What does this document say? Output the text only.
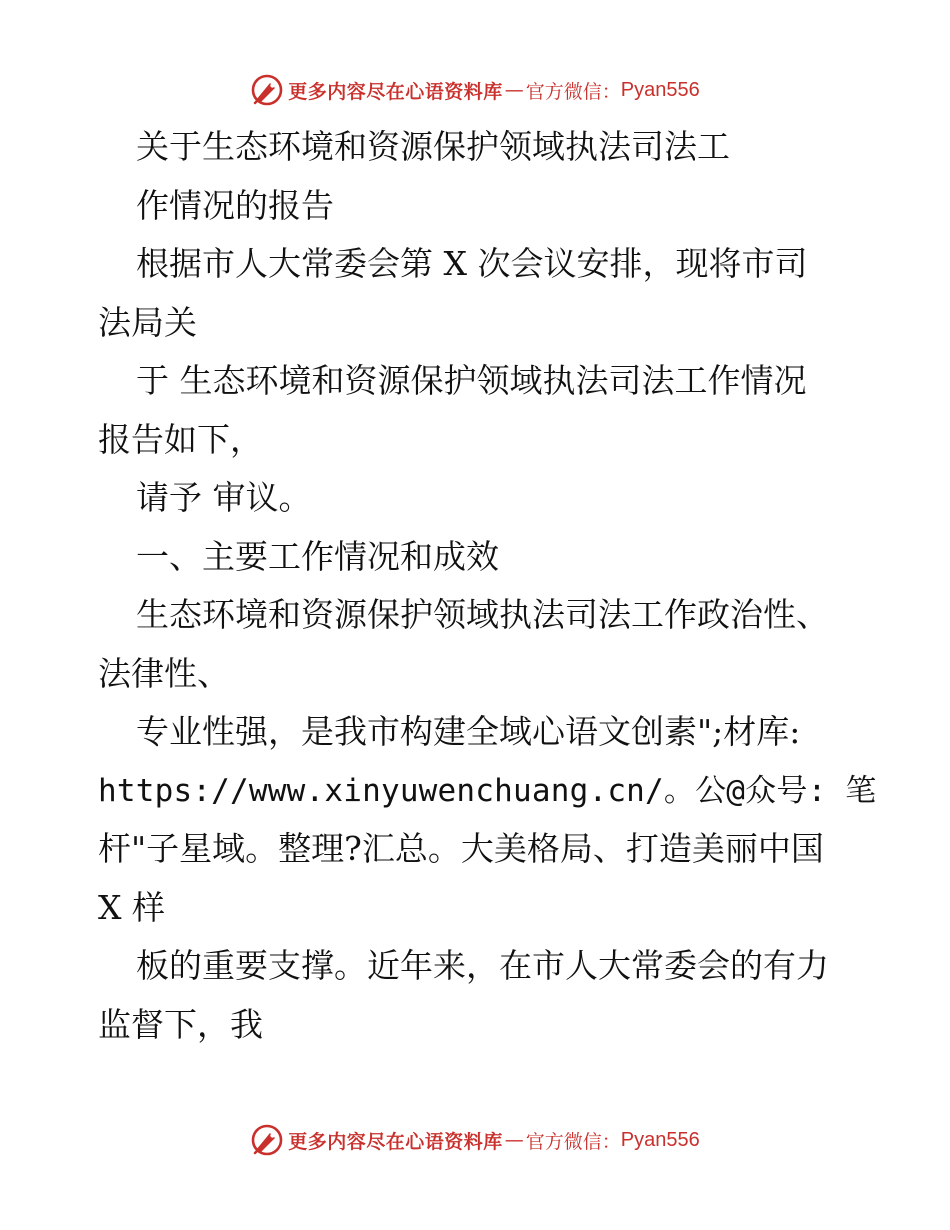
更多内容尽在心语资料库 — 官方微信： Pyan556
关于生态环境和资源保护领域执法司法工
作情况的报告
根据市人大常委会第 X 次会议安排，现将市司
法局关
于 生态环境和资源保护领域执法司法工作情况
报告如下，
请予 审议。
一、主要工作情况和成效
生态环境和资源保护领域执法司法工作政治性、
法律性、
专业性强，是我市构建全域心语文创素";材库:
https://www.xinyuwenchuang.cn/。公@众号: 笔
杆"子星域。整理?汇总。大美格局、打造美丽中国
X 样
板的重要支撑。近年来，在市人大常委会的有力
监督下，我
更多内容尽在心语资料库 — 官方微信： Pyan556
